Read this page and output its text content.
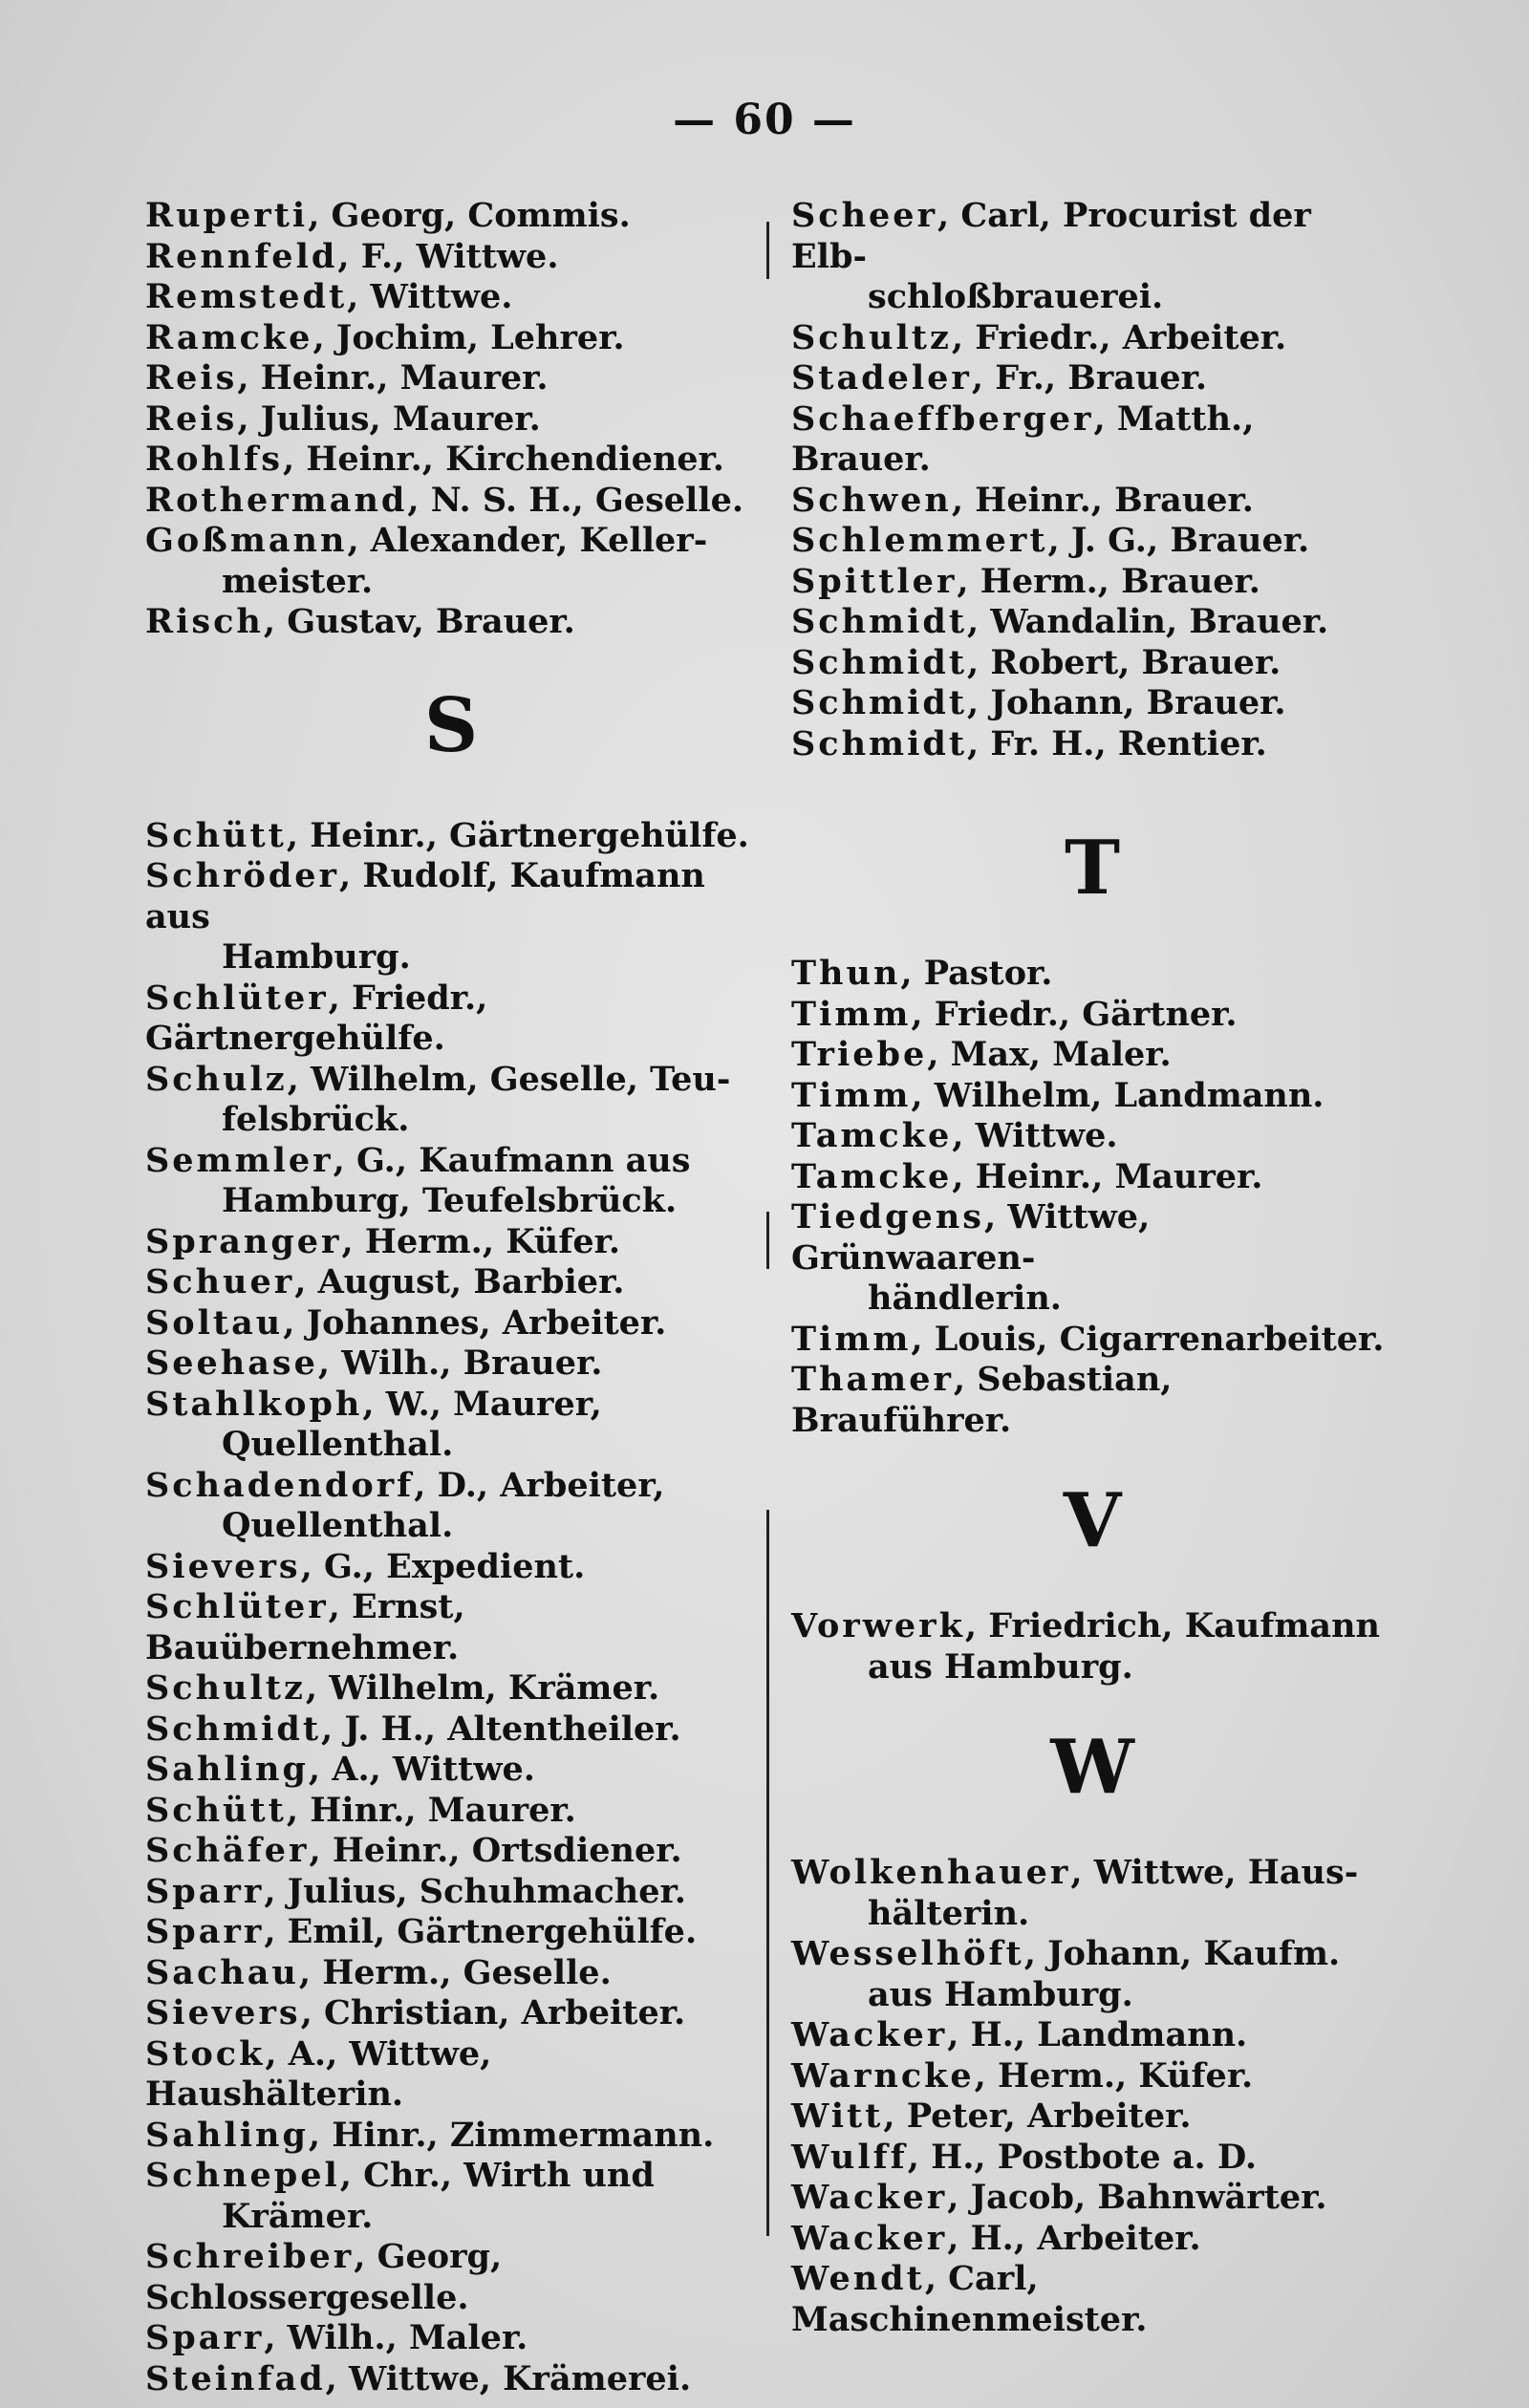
— 60 —
Ruperti, Georg, Commis.
Rennfeld, F., Wittwe.
Remstedt, Wittwe.
Ramcke, Jochim, Lehrer.
Reis, Heinr., Maurer.
Reis, Julius, Maurer.
Rohlfs, Heinr., Kirchendiener.
Rothermand, N. S. H., Geselle.
Goßmann, Alexander, Keller-
meister.
Risch, Gustav, Brauer.
S
Schütt, Heinr., Gärtnergehülfe.
Schröder, Rudolf, Kaufmann aus
Hamburg.
Schlüter, Friedr., Gärtnergehülfe.
Schulz, Wilhelm, Geselle, Teu-
felsbrück.
Semmler, G., Kaufmann aus
Hamburg, Teufelsbrück.
Spranger, Herm., Küfer.
Schuer, August, Barbier.
Soltau, Johannes, Arbeiter.
Seehase, Wilh., Brauer.
Stahlkoph, W., Maurer,
Quellenthal.
Schadendorf, D., Arbeiter,
Quellenthal.
Sievers, G., Expedient.
Schlüter, Ernst, Bauübernehmer.
Schultz, Wilhelm, Krämer.
Schmidt, J. H., Altentheiler.
Sahling, A., Wittwe.
Schütt, Hinr., Maurer.
Schäfer, Heinr., Ortsdiener.
Sparr, Julius, Schuhmacher.
Sparr, Emil, Gärtnergehülfe.
Sachau, Herm., Geselle.
Sievers, Christian, Arbeiter.
Stock, A., Wittwe, Haushälterin.
Sahling, Hinr., Zimmermann.
Schnepel, Chr., Wirth und
Krämer.
Schreiber, Georg, Schlossergeselle.
Sparr, Wilh., Maler.
Steinfad, Wittwe, Krämerei.
Scheer, Carl, Procurist der Elb-
schloßbrauerei.
Schultz, Friedr., Arbeiter.
Stadeler, Fr., Brauer.
Schaeffberger, Matth., Brauer.
Schwen, Heinr., Brauer.
Schlemmert, J. G., Brauer.
Spittler, Herm., Brauer.
Schmidt, Wandalin, Brauer.
Schmidt, Robert, Brauer.
Schmidt, Johann, Brauer.
Schmidt, Fr. H., Rentier.
T
Thun, Pastor.
Timm, Friedr., Gärtner.
Triebe, Max, Maler.
Timm, Wilhelm, Landmann.
Tamcke, Wittwe.
Tamcke, Heinr., Maurer.
Tiedgens, Wittwe, Grünwaaren-
händlerin.
Timm, Louis, Cigarrenarbeiter.
Thamer, Sebastian, Brauführer.
V
Vorwerk, Friedrich, Kaufmann
aus Hamburg.
W
Wolkenhauer, Wittwe, Haus-
hälterin.
Wesselhöft, Johann, Kaufm.
aus Hamburg.
Wacker, H., Landmann.
Warncke, Herm., Küfer.
Witt, Peter, Arbeiter.
Wulff, H., Postbote a. D.
Wacker, Jacob, Bahnwärter.
Wacker, H., Arbeiter.
Wendt, Carl, Maschinenmeister.
